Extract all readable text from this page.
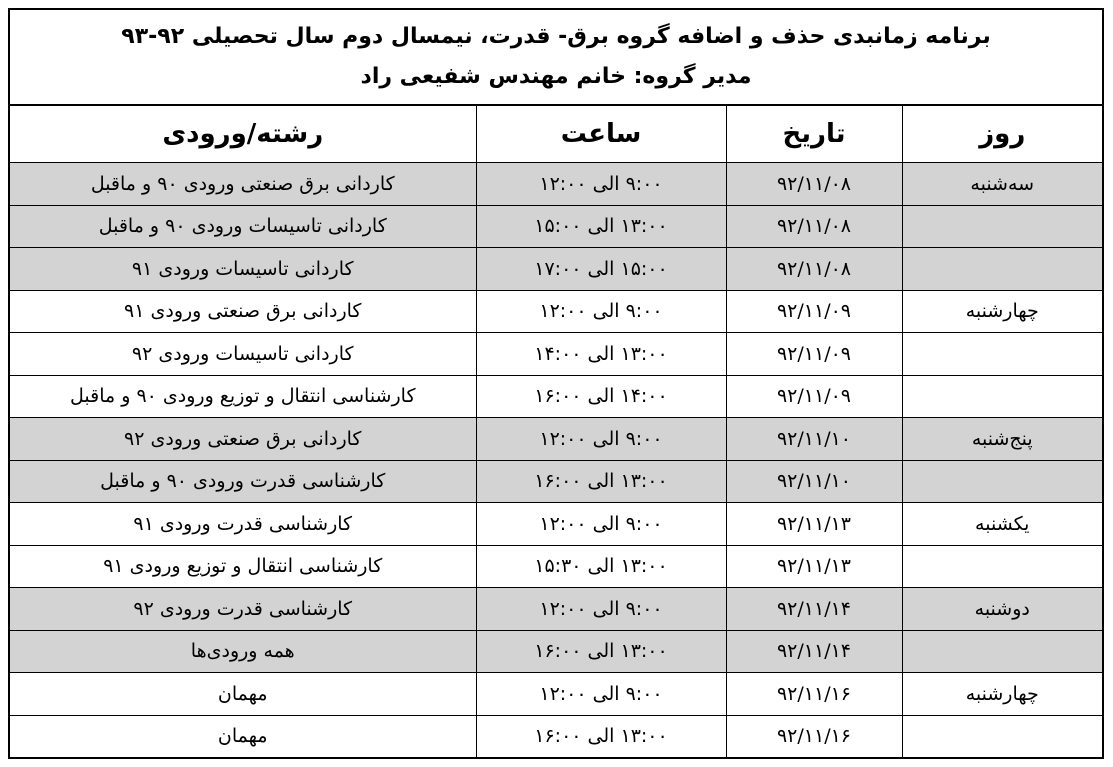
برنامه زمانبدی حذف و اضافه گروه برق- قدرت، نیمسال دوم سال تحصیلی ۹۲-۹۳
مدیر گروه: خانم مهندس شفیعی راد
روز	تاریخ	ساعت	رشته/ورودی
سه‌شنبه	۹۲/۱۱/۰۸	۹:۰۰ الی ۱۲:۰۰	کاردانی برق صنعتی ورودی ۹۰ و ماقبل
	۹۲/۱۱/۰۸	۱۳:۰۰ الی ۱۵:۰۰	کاردانی تاسیسات ورودی ۹۰ و ماقبل
	۹۲/۱۱/۰۸	۱۵:۰۰ الی ۱۷:۰۰	کاردانی تاسیسات ورودی ۹۱
چهارشنبه	۹۲/۱۱/۰۹	۹:۰۰ الی ۱۲:۰۰	کاردانی برق صنعتی ورودی ۹۱
	۹۲/۱۱/۰۹	۱۳:۰۰ الی ۱۴:۰۰	کاردانی تاسیسات ورودی ۹۲
	۹۲/۱۱/۰۹	۱۴:۰۰ الی ۱۶:۰۰	کارشناسی انتقال و توزیع ورودی ۹۰ و ماقبل
پنج‌شنبه	۹۲/۱۱/۱۰	۹:۰۰ الی ۱۲:۰۰	کاردانی برق صنعتی ورودی ۹۲
	۹۲/۱۱/۱۰	۱۳:۰۰ الی ۱۶:۰۰	کارشناسی قدرت ورودی ۹۰ و ماقبل
یکشنبه	۹۲/۱۱/۱۳	۹:۰۰ الی ۱۲:۰۰	کارشناسی قدرت ورودی ۹۱
	۹۲/۱۱/۱۳	۱۳:۰۰ الی ۱۵:۳۰	کارشناسی انتقال و توزیع ورودی ۹۱
دوشنبه	۹۲/۱۱/۱۴	۹:۰۰ الی ۱۲:۰۰	کارشناسی قدرت ورودی ۹۲
	۹۲/۱۱/۱۴	۱۳:۰۰ الی ۱۶:۰۰	همه ورودی‌ها
چهارشنبه	۹۲/۱۱/۱۶	۹:۰۰ الی ۱۲:۰۰	مهمان
	۹۲/۱۱/۱۶	۱۳:۰۰ الی ۱۶:۰۰	مهمان
